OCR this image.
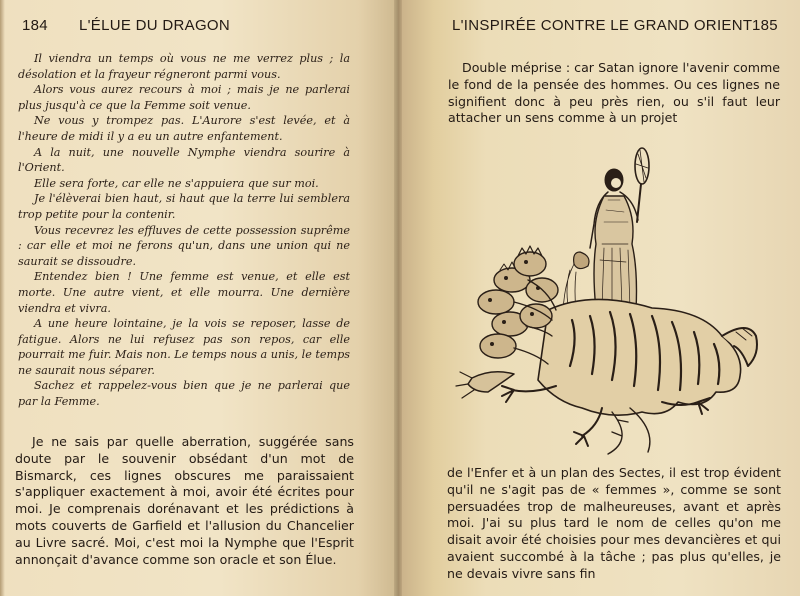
184 L'ÉLUE DU DRAGON

Il viendra un temps où vous ne me verrez plus ; la désolation et la frayeur régneront parmi vous.

Alors vous aurez recours à moi ; mais je ne parlerai plus jusqu'à ce que la Femme soit venue.

Ne vous y trompez pas. L'Aurore s'est levée, et à l'heure de midi il y a eu un autre enfantement.

A la nuit, une nouvelle Nymphe viendra sourire à l'Orient.

Elle sera forte, car elle ne s'appuiera que sur moi.

Je l'élèverai bien haut, si haut que la terre lui semblera trop petite pour la contenir.

Vous recevrez les effluves de cette possession suprême : car elle et moi ne ferons qu'un, dans une union qui ne saurait se dissoudre.

Entendez bien ! Une femme est venue, et elle est morte. Une autre vient, et elle mourra. Une dernière viendra et vivra.

A une heure lointaine, je la vois se reposer, lasse de fatigue. Alors ne lui refusez pas son repos, car elle pourrait me fuir. Mais non. Le temps nous a unis, le temps ne saurait nous séparer.

Sachez et rappelez-vous bien que je ne parlerai que par la Femme.

Je ne sais par quelle aberration, suggérée sans doute par le souvenir obsédant d'un mot de Bismarck, ces lignes obscures me paraissaient s'appliquer exactement à moi, avoir été écrites pour moi. Je comprenais dorénavant et les prédictions à mots couverts de Garfield et l'allusion du Chancelier au Livre sacré. Moi, c'est moi la Nymphe que l'Esprit annonçait d'avance comme son oracle et son Élue.

185
L'INSPIRÉE CONTRE LE GRAND ORIENT

Double méprise : car Satan ignore l'avenir comme le fond de la pensée des hommes. Ou ces lignes ne signifient donc à peu près rien, ou s'il faut leur attacher un sens comme à un projet

de l'Enfer et à un plan des Sectes, il est trop évident qu'il ne s'agit pas de « femmes », comme se sont persuadées trop de malheureuses, avant et après moi. J'ai su plus tard le nom de celles qu'on me disait avoir été choisies pour mes devancières et qui avaient succombé à la tâche ; pas plus qu'elles, je ne devais vivre sans fin
